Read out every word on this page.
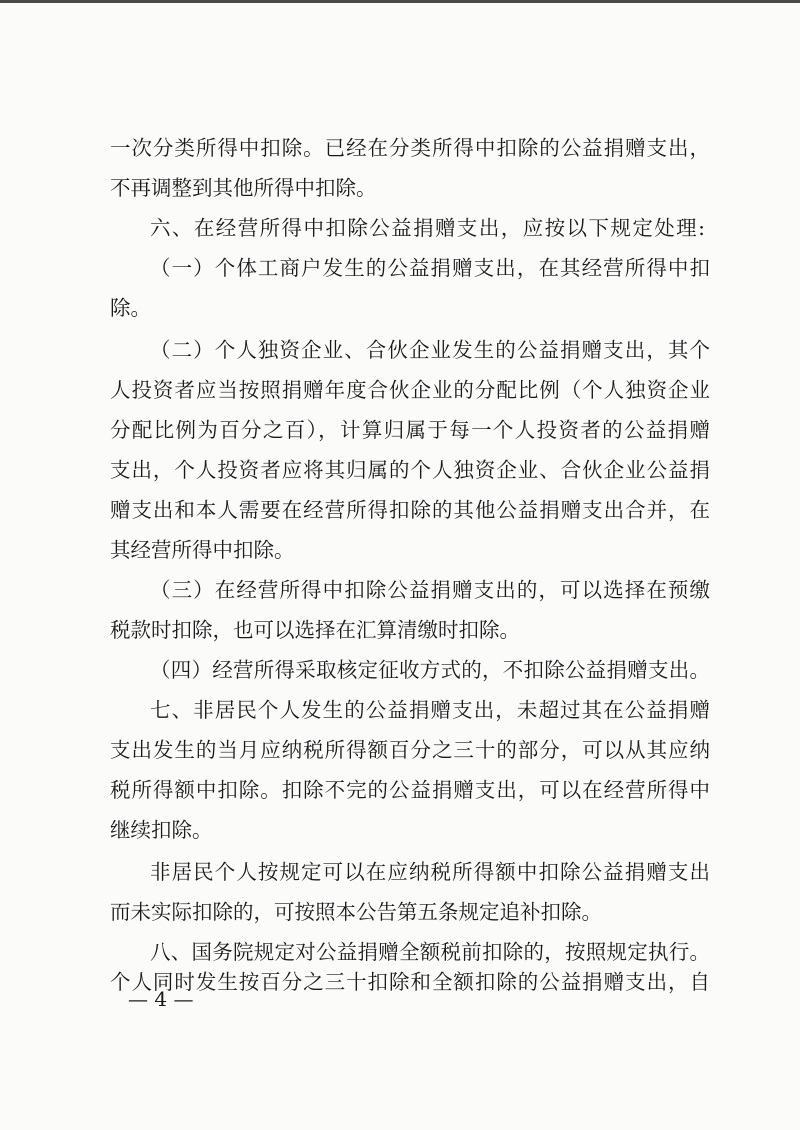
一次分类所得中扣除。已经在分类所得中扣除的公益捐赠支出，
不再调整到其他所得中扣除。
六、在经营所得中扣除公益捐赠支出，应按以下规定处理:
（一）个体工商户发生的公益捐赠支出，在其经营所得中扣
除。
（二）个人独资企业、合伙企业发生的公益捐赠支出，其个
人投资者应当按照捐赠年度合伙企业的分配比例（个人独资企业
分配比例为百分之百），计算归属于每一个人投资者的公益捐赠
支出，个人投资者应将其归属的个人独资企业、合伙企业公益捐
赠支出和本人需要在经营所得扣除的其他公益捐赠支出合并，在
其经营所得中扣除。
（三）在经营所得中扣除公益捐赠支出的，可以选择在预缴
税款时扣除，也可以选择在汇算清缴时扣除。
（四）经营所得采取核定征收方式的，不扣除公益捐赠支出。
七、非居民个人发生的公益捐赠支出，未超过其在公益捐赠
支出发生的当月应纳税所得额百分之三十的部分，可以从其应纳
税所得额中扣除。扣除不完的公益捐赠支出，可以在经营所得中
继续扣除。
非居民个人按规定可以在应纳税所得额中扣除公益捐赠支出
而未实际扣除的，可按照本公告第五条规定追补扣除。
八、国务院规定对公益捐赠全额税前扣除的，按照规定执行。
个人同时发生按百分之三十扣除和全额扣除的公益捐赠支出，自
— 4 —
